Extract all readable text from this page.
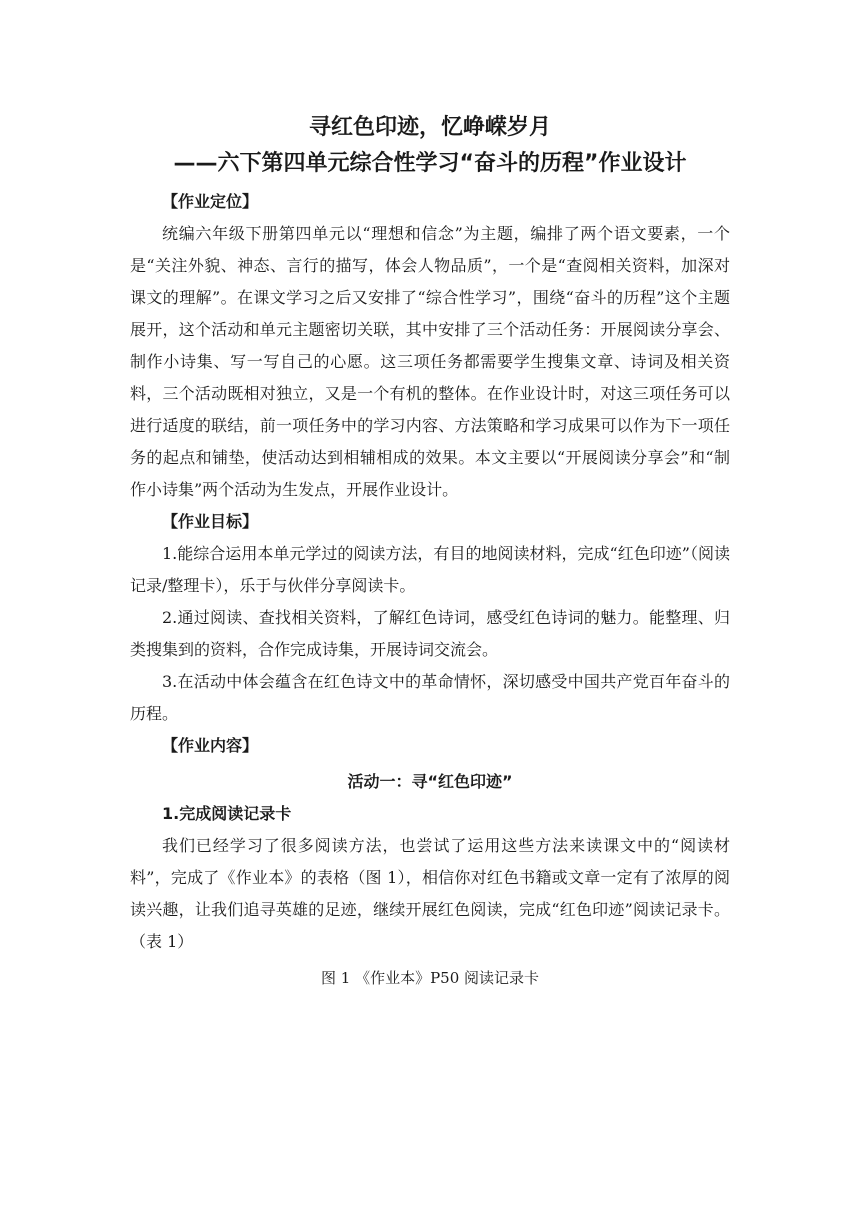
寻红色印迹，忆峥嵘岁月
——六下第四单元综合性学习“奋斗的历程”作业设计

【作业定位】

统编六年级下册第四单元以“理想和信念”为主题，编排了两个语文要素，一个是“关注外貌、神态、言行的描写，体会人物品质”，一个是“查阅相关资料，加深对课文的理解”。在课文学习之后又安排了“综合性学习”，围绕“奋斗的历程”这个主题展开，这个活动和单元主题密切关联，其中安排了三个活动任务：开展阅读分享会、制作小诗集、写一写自己的心愿。这三项任务都需要学生搜集文章、诗词及相关资料，三个活动既相对独立，又是一个有机的整体。在作业设计时，对这三项任务可以进行适度的联结，前一项任务中的学习内容、方法策略和学习成果可以作为下一项任务的起点和铺垫，使活动达到相辅相成的效果。本文主要以“开展阅读分享会”和“制作小诗集”两个活动为生发点，开展作业设计。

【作业目标】

1.能综合运用本单元学过的阅读方法，有目的地阅读材料，完成“红色印迹”（阅读记录/整理卡），乐于与伙伴分享阅读卡。

2.通过阅读、查找相关资料，了解红色诗词，感受红色诗词的魅力。能整理、归类搜集到的资料，合作完成诗集，开展诗词交流会。

3.在活动中体会蕴含在红色诗文中的革命情怀，深切感受中国共产党百年奋斗的历程。

【作业内容】

活动一：寻“红色印迹”

1.完成阅读记录卡

我们已经学习了很多阅读方法，也尝试了运用这些方法来读课文中的“阅读材料”，完成了《作业本》的表格（图 1），相信你对红色书籍或文章一定有了浓厚的阅读兴趣，让我们追寻英雄的足迹，继续开展红色阅读，完成“红色印迹”阅读记录卡。（表 1）

图 1 《作业本》P50 阅读记录卡
